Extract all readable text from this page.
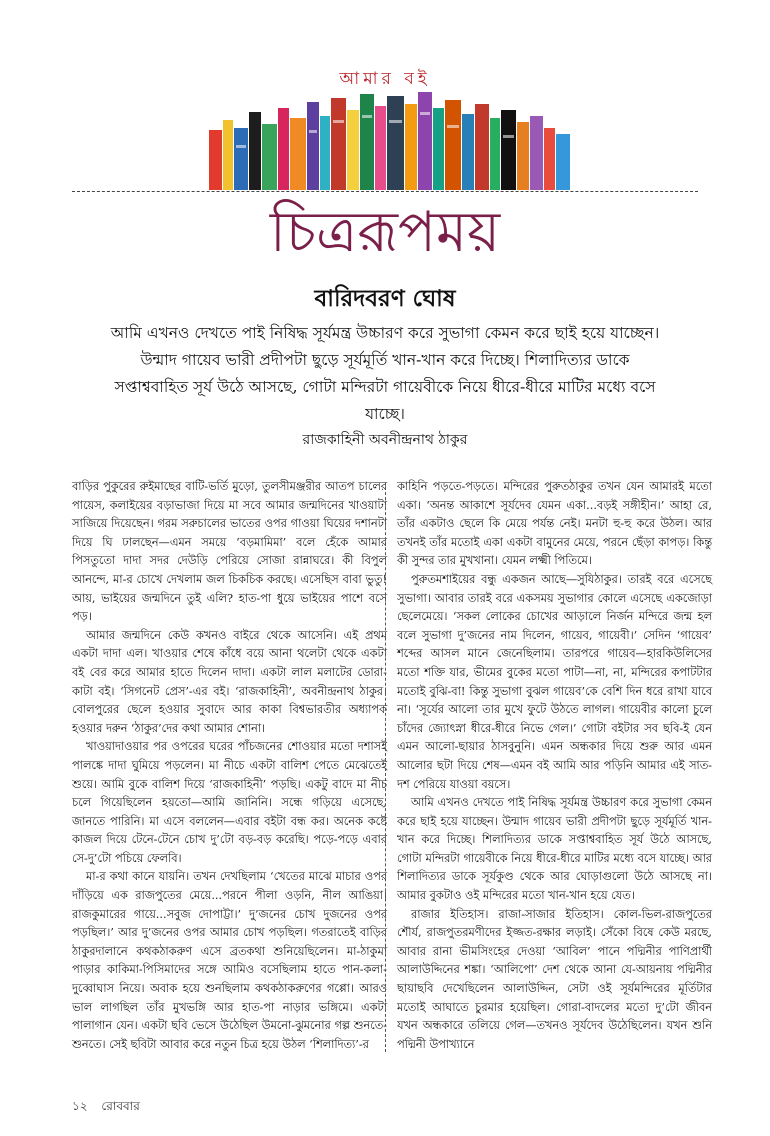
আমার বই
চিত্ররূপময়
বারিদবরণ ঘোষ
আমি এখনও দেখতে পাই নিষিদ্ধ সূর্যমন্ত্র উচ্চারণ করে সুভাগা কেমন করে ছাই হয়ে যাচ্ছেন। উন্মাদ গায়েব ভারী প্রদীপটা ছুড়ে সূর্যমূর্তি খান-খান করে দিচ্ছে। শিলাদিত্যর ডাকে সপ্তাশ্ববাহিত সূর্য উঠে আসছে, গোটা মন্দিরটা গায়েবীকে নিয়ে ধীরে-ধীরে মাটির মধ্যে বসে যাচ্ছে।
রাজকাহিনী অবনীন্দ্রনাথ ঠাকুর

বাড়ির পুকুরের রুইমাছের বাটি-ভর্তি মুড়ো, তুলসীমঞ্জরীর আতপ চালের পায়েস, কলাইয়ের বড়াভাজা দিয়ে মা সবে আমার জন্মদিনের খাওয়াটা সাজিয়ে দিয়েছেন। গরম সরুচালের ভাতের ওপর গাওয়া ঘিয়ের দশানটা দিয়ে ঘি ঢালছেন—এমন সময়ে ‘বড়মামিমা’ বলে হেঁকে আমার পিসতুতো দাদা সদর দেউড়ি পেরিয়ে সোজা রান্নাঘরে। কী বিপুল আনন্দে, মা-র চোখে দেখলাম জল চিকচিক করছে। এসেছিস বাবা ভুতু! আয়, ভাইয়ের জন্মদিনে তুই এলি? হাত-পা ধুয়ে ভাইয়ের পাশে বসে পড়।

আমার জন্মদিনে কেউ কখনও বাইরে থেকে আসেনি। এই প্রথম একটা দাদা এল। খাওয়ার শেষে কাঁধে বয়ে আনা থলেটা থেকে একটা বই বের করে আমার হাতে দিলেন দাদা। একটা লাল মলাটের ডোরা-কাটা বই। ‘সিগনেট প্রেস’-এর বই। ‘রাজকাহিনী’, অবনীন্দ্রনাথ ঠাকুর। বোলপুরের ছেলে হওয়ার সুবাদে আর কাকা বিশ্বভারতীর অধ্যাপক হওয়ার দরুন ‘ঠাকুর’দের কথা আমার শোনা।

খাওয়াদাওয়ার পর ওপরের ঘরের পাঁচজনের শোওয়ার মতো দশাসই পালঙ্কে দাদা ঘুমিয়ে পড়লেন। মা নীচে একটা বালিশ পেতে মেঝেতেই শুয়ে। আমি বুকে বালিশ দিয়ে ‘রাজকাহিনী’ পড়ছি। একটু বাদে মা নীচ চলে গিয়েছিলেন হয়তো—আমি জানিনি। সন্ধে গড়িয়ে এসেছে, জানতে পারিনি। মা এসে বললেন—এবার বইটা বন্ধ কর। অনেক কষ্টে কাজল দিয়ে টেনে-টেনে চোখ দু’টো বড়-বড় করেছি। পড়ে-পড়ে এবার সে-দু’টো পচিয়ে ফেলবি।

মা-র কথা কানে যায়নি। তখন দেখছিলাম ‘খেতের মাঝে মাচার ওপর দাঁড়িয়ে এক রাজপুতের মেয়ে...পরনে পীলা ওড়নি, নীল আঙিয়া। রাজকুমারের গায়ে...সবুজ দোপাট্টা।’ দু’জনের চোখ দুজনের ওপর পড়ছিল।’ আর দু’জনের ওপর আমার চোখ পড়ছিল। গতরাতেই বাড়ির ঠাকুরদালানে কথকঠাকরুণ এসে ব্রতকথা শুনিয়েছিলেন। মা-ঠাকুমা পাড়ার কাকিমা-পিসিমাদের সঙ্গে আমিও বসেছিলাম হাতে পান-কলা-দুব্বোঘাস নিয়ে। অবাক হয়ে শুনছিলাম কথকঠাকরুণের গপ্পো। আরও ভাল লাগছিল তাঁর মুখভঙ্গি আর হাত-পা নাড়ার ভঙ্গিমে। একটা পালাগান যেন। একটা ছবি ভেসে উঠেছিল উমনো-ঝুমনোর গল্প শুনতে-শুনতে। সেই ছবিটা আবার করে নতুন চিত্র হয়ে উঠল ‘শিলাদিত্য’-র

কাহিনি পড়তে-পড়তে। মন্দিরের পুরুতঠাকুর তখন যেন আমারই মতো একা। ‘অনন্ত আকাশে সূর্যদেব যেমন একা...বড়ই সঙ্গীহীন।’ আহা রে, তাঁর একটাও ছেলে কি মেয়ে পর্যন্ত নেই। মনটা হু-হু করে উঠল। আর তখনই তাঁর মতোই একা একটা বামুনের মেয়ে, পরনে ছেঁড়া কাপড়। কিন্তু কী সুন্দর তার মুখখানা। যেমন লক্ষ্মী পিতিমে।

পুরুতমশাইয়ের বন্ধু একজন আছে—সুযিঠাকুর। তারই বরে এসেছে সুভাগা। আবার তারই বরে একসময় সুভাগার কোলে এসেছে একজোড়া ছেলেমেয়ে। ‘সকল লোকের চোখের আড়ালে নির্জন মন্দিরে জন্ম হল বলে সুভাগা দু’জনের নাম দিলেন, গায়েব, গায়েবী।’ সেদিন ‘গায়েব’ শব্দের আসল মানে জেনেছিলাম। তারপরে গায়েব—হারকিউলিসের মতো শক্তি যার, ভীমের বুকের মতো পাটা—না, না, মন্দিরের কপাটটার মতোই বুঝি-বা! কিন্তু সুভাগা বুঝল গায়েব’কে বেশি দিন ধরে রাখা যাবে না। ‘সূর্যের আলো তার মুখে ফুটে উঠতে লাগল। গায়েবীর কালো চুলে চাঁদের জ্যোৎস্না ধীরে-ধীরে নিভে গেল।’ গোটা বইটার সব ছবি-ই যেন এমন আলো-ছায়ার ঠাসবুনুনি। এমন অন্ধকার দিয়ে শুরু আর এমন আলোর ছটা দিয়ে শেষ—এমন বই আমি আর পড়িনি আমার এই সাত-দশ পেরিয়ে যাওয়া বয়সে।

আমি এখনও দেখতে পাই নিষিদ্ধ সূর্যমন্ত্র উচ্চারণ করে সুভাগা কেমন করে ছাই হয়ে যাচ্ছেন। উন্মাদ গায়েব ভারী প্রদীপটা ছুড়ে সূর্যমূর্তি খান-খান করে দিচ্ছে। শিলাদিত্যর ডাকে সপ্তাশ্ববাহিত সূর্য উঠে আসছে, গোটা মন্দিরটা গায়েবীকে নিয়ে ধীরে-ধীরে মাটির মধ্যে বসে যাচ্ছে। আর শিলাদিত্যর ডাকে সূর্যকুণ্ড থেকে আর ঘোড়াগুলো উঠে আসছে না। আমার বুকটাও ওই মন্দিরের মতো খান-খান হয়ে যেত।

রাজার ইতিহাস। রাজা-সাজার ইতিহাস। কোল-ভিল-রাজপুতের শৌর্য, রাজপুতরমণীদের ইজ্জত-রক্ষার লড়াই। সেঁকো বিষে কেউ মরছে, আবার রানা ভীমসিংহের দেওয়া ‘আবিল’ পানে পদ্মিনীর পাণিপ্রার্থী আলাউদ্দিনের শঙ্কা। ‘আলিপো’ দেশ থেকে আনা যে-আয়নায় পদ্মিনীর ছায়াছবি দেখেছিলেন আলাউদ্দিন, সেটা ওই সূর্যমন্দিরের মূর্তিটার মতোই আঘাতে চুরমার হয়েছিল। গোরা-বাদলের মতো দু’টো জীবন যখন অন্ধকারে তলিয়ে গেল—তখনও সূর্যদেব উঠেছিলেন। যখন শুনি পদ্মিনী উপাখ্যানে

১২ রোববার
